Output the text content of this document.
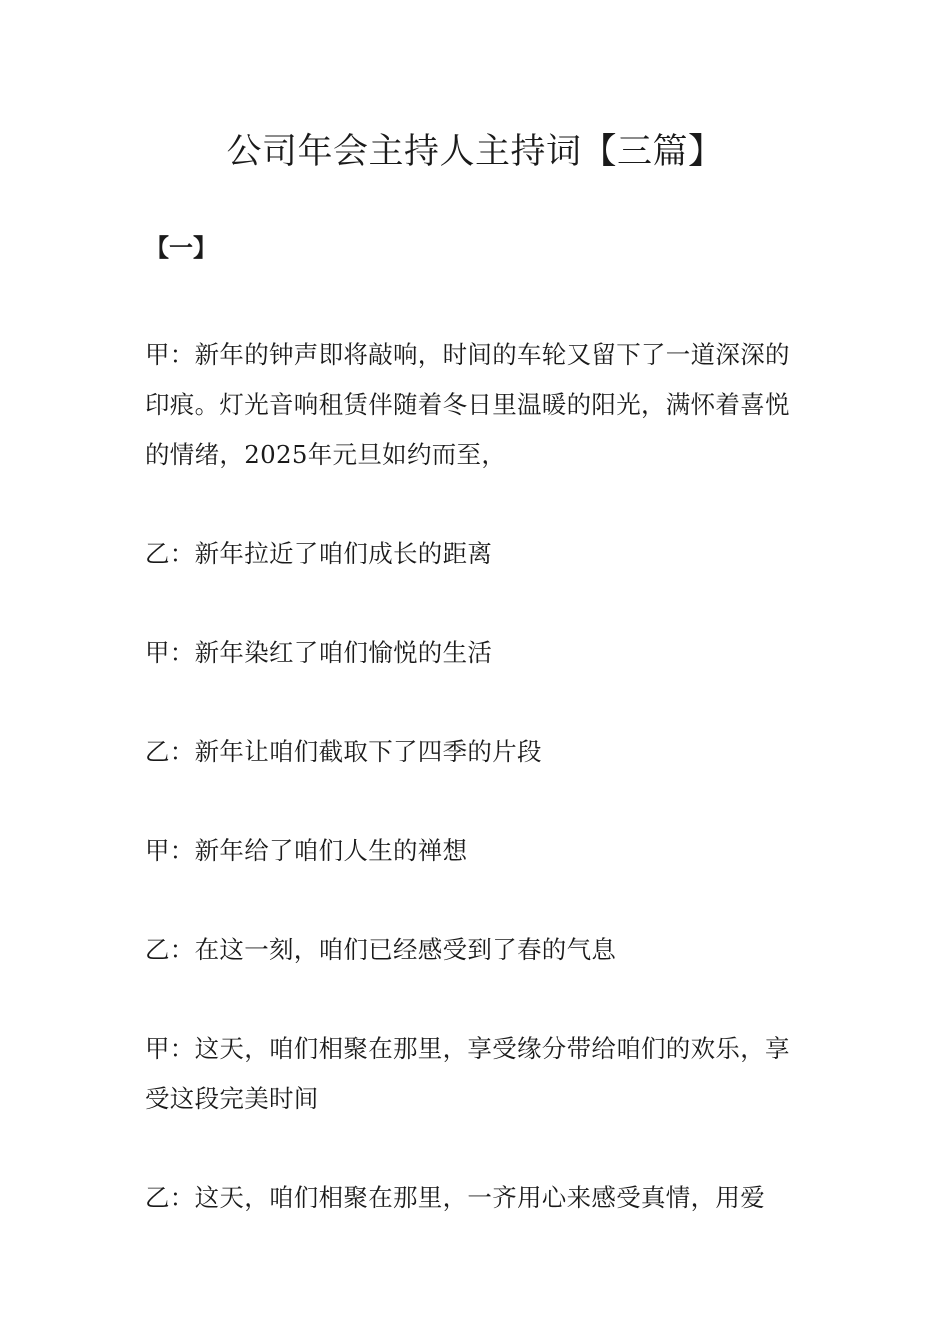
公司年会主持人主持词【三篇】
【一】

甲：新年的钟声即将敲响，时间的车轮又留下了一道深深的印痕。灯光音响租赁伴随着冬日里温暖的阳光，满怀着喜悦的情绪，2025年元旦如约而至，

乙：新年拉近了咱们成长的距离

甲：新年染红了咱们愉悦的生活

乙：新年让咱们截取下了四季的片段

甲：新年给了咱们人生的禅想

乙：在这一刻，咱们已经感受到了春的气息

甲：这天，咱们相聚在那里，享受缘分带给咱们的欢乐，享受这段完美时间

乙：这天，咱们相聚在那里，一齐用心来感受真情，用爱
